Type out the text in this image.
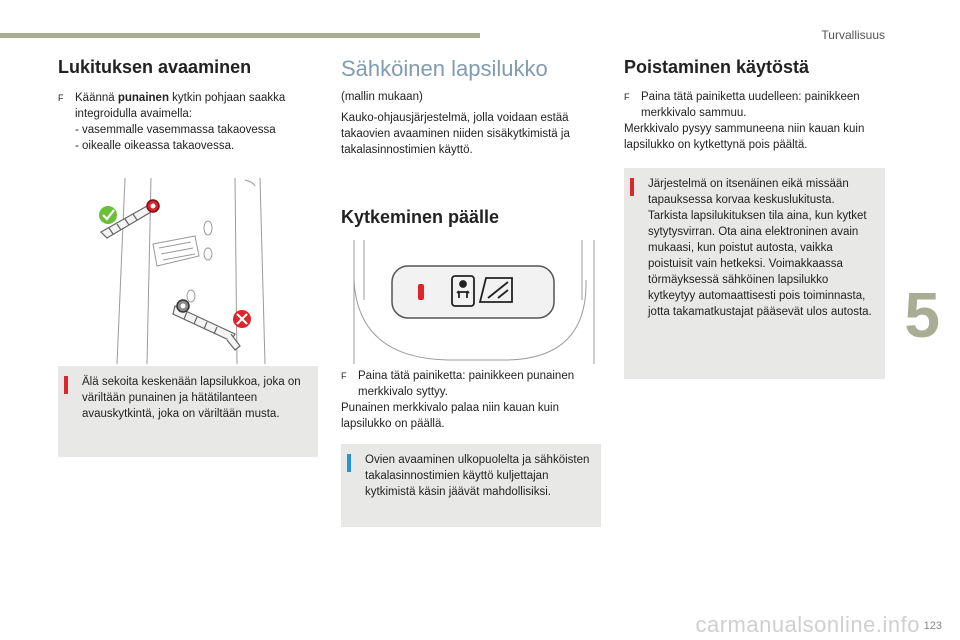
Turvallisuus
5
Lukituksen avaaminen

F Käännä punainen kytkin pohjaan saakka integroidulla avaimella:

- vasemmalle vasemmassa takaovessa

- oikealle oikeassa takaovessa.

Älä sekoita keskenään lapsilukkoa, joka on väriltään punainen ja hätätilanteen avauskytkintä, joka on väriltään musta.
Sähköinen lapsilukko

(mallin mukaan)

Kauko-ohjausjärjestelmä, jolla voidaan estää takaovien avaaminen niiden sisäkytkimistä ja takalasinnostimien käyttö.

Kytkeminen päälle

F Paina tätä painiketta: painikkeen punainen merkkivalo syttyy.

Punainen merkkivalo palaa niin kauan kuin lapsilukko on päällä.

Ovien avaaminen ulkopuolelta ja sähköisten takalasinnostimien käyttö kuljettajan kytkimistä käsin jäävät mahdollisiksi.
Poistaminen käytöstä

F Paina tätä painiketta uudelleen: painikkeen merkkivalo sammuu.

Merkkivalo pysyy sammuneena niin kauan kuin lapsilukko on kytkettynä pois päältä.

Järjestelmä on itsenäinen eikä missään tapauksessa korvaa keskuslukitusta. Tarkista lapsilukituksen tila aina, kun kytket sytytysvirran. Ota aina elektroninen avain mukaasi, kun poistut autosta, vaikka poistuisit vain hetkeksi. Voimakkaassa törmäyksessä sähköinen lapsilukko kytkeytyy automaattisesti pois toiminnasta, jotta takamatkustajat pääsevät ulos autosta.
123
carmanualsonline.info
